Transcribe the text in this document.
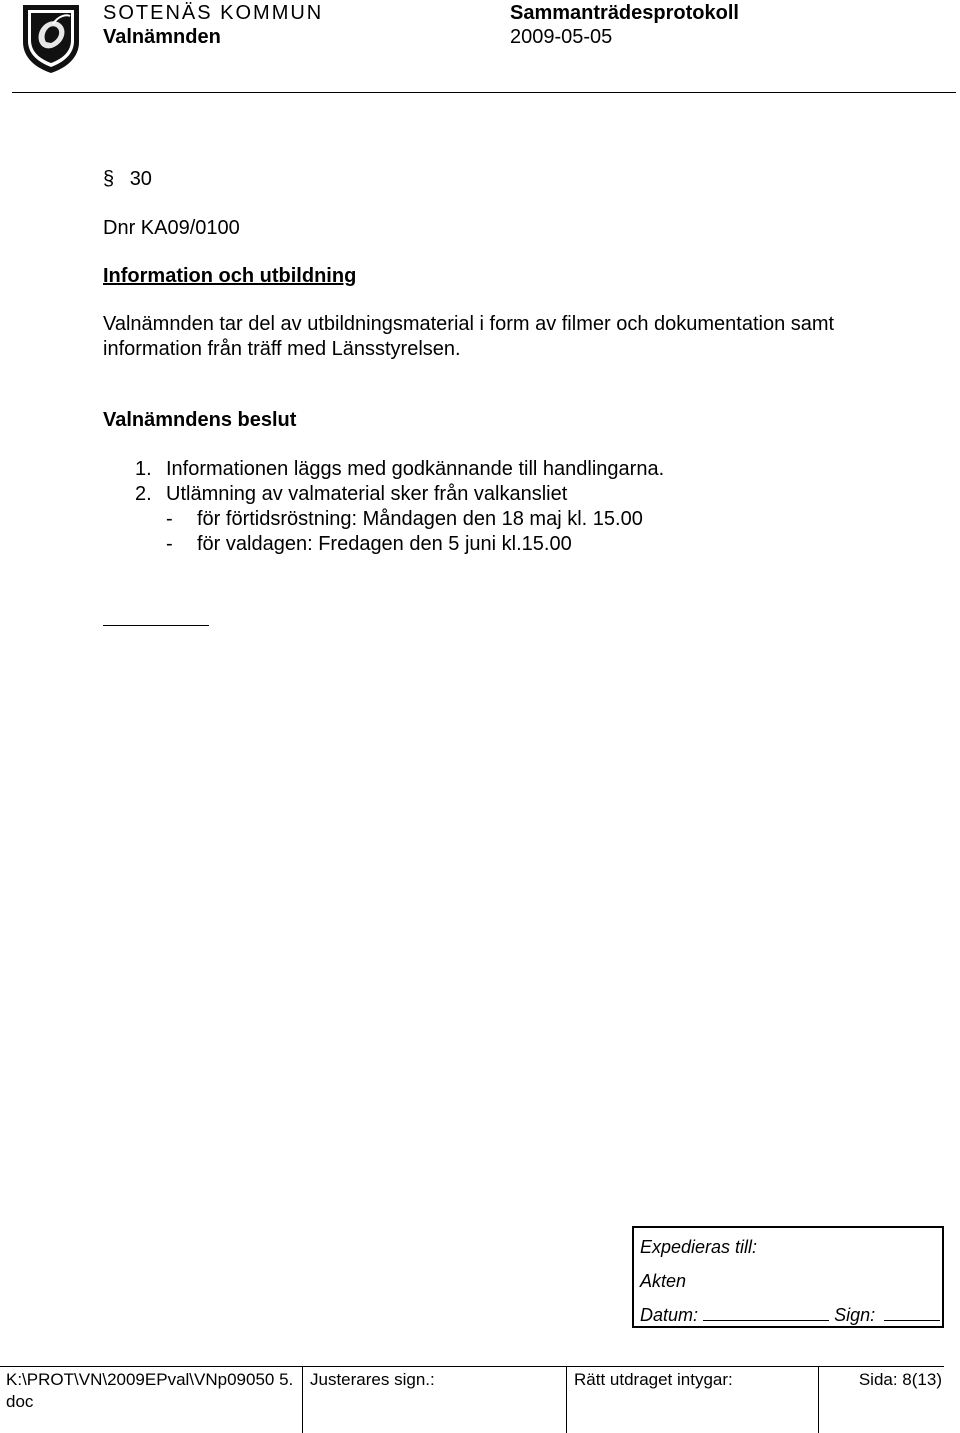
SOTENÄS KOMMUN
Valnämnden
Sammanträdesprotokoll
2009-05-05
§ 30
Dnr KA09/0100
Information och utbildning
Valnämnden tar del av utbildningsmaterial i form av filmer och dokumentation samt information från träff med Länsstyrelsen.
Valnämndens beslut
1. Informationen läggs med godkännande till handlingarna.
2. Utlämning av valmaterial sker från valkansliet
-	för förtidsröstning: Måndagen den 18 maj kl. 15.00
-	för valdagen: Fredagen den 5 juni kl.15.00
Expedieras till:
Akten
Datum:	Sign:
K:\PROT\VN\2009EPval\VNp09050 5.doc
Justerares sign.:	Rätt utdraget intygar:	Sida: 8(13)
